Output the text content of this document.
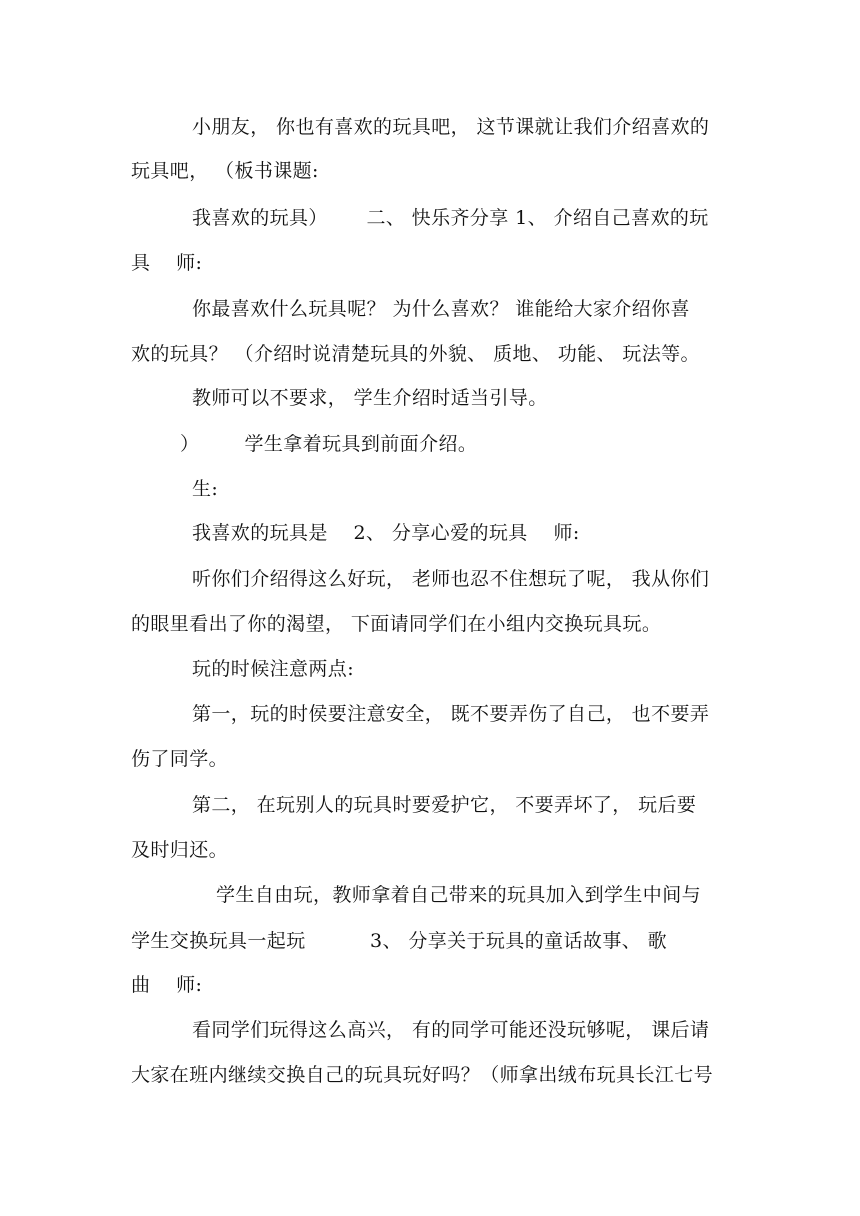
小朋友， 你也有喜欢的玩具吧， 这节课就让我们介绍喜欢的
玩具吧， （板书课题:
我喜欢的玩具）      二、 快乐齐分享 1、 介绍自己喜欢的玩
具    师:
你最喜欢什么玩具呢？ 为什么喜欢？ 谁能给大家介绍你喜
欢的玩具？ （介绍时说清楚玩具的外貌、 质地、 功能、 玩法等。
教师可以不要求， 学生介绍时适当引导。
）       学生拿着玩具到前面介绍。
生:
我喜欢的玩具是    2、 分享心爱的玩具    师:
听你们介绍得这么好玩， 老师也忍不住想玩了呢， 我从你们
的眼里看出了你的渴望， 下面请同学们在小组内交换玩具玩。
玩的时候注意两点:
第一，玩的时侯要注意安全， 既不要弄伤了自己， 也不要弄
伤了同学。
第二， 在玩别人的玩具时要爱护它， 不要弄坏了， 玩后要
及时归还。
学生自由玩，教师拿着自己带来的玩具加入到学生中间与
学生交换玩具一起玩          3、 分享关于玩具的童话故事、 歌
曲    师:
看同学们玩得这么高兴， 有的同学可能还没玩够呢， 课后请
大家在班内继续交换自己的玩具玩好吗？（师拿出绒布玩具长江七号
